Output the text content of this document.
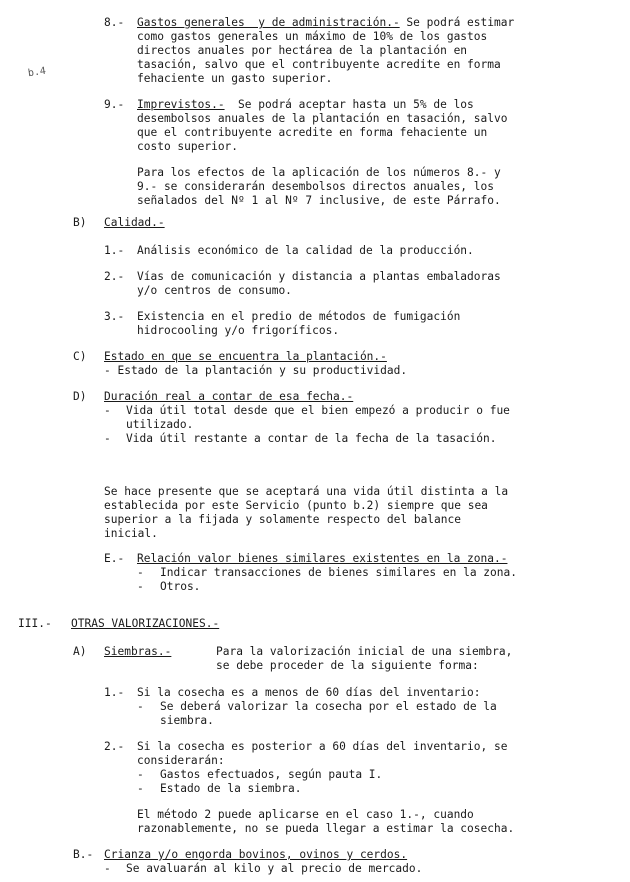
b.4
8.- Gastos generales  y de administración.- Se podrá estimar
como gastos generales un máximo de 10% de los gastos
directos anuales por hectárea de la plantación en
tasación, salvo que el contribuyente acredite en forma
fehaciente un gasto superior.
9.- Imprevistos.-  Se podrá aceptar hasta un 5% de los
desembolsos anuales de la plantación en tasación, salvo
que el contribuyente acredite en forma fehaciente un
costo superior.
Para los efectos de la aplicación de los números 8.- y
9.- se considerarán desembolsos directos anuales, los
señalados del Nº 1 al Nº 7 inclusive, de este Párrafo.
B) Calidad.-
1.- Análisis económico de la calidad de la producción.
2.- Vías de comunicación y distancia a plantas embaladoras
y/o centros de consumo.
3.- Existencia en el predio de métodos de fumigación
hidrocooling y/o frigoríficos.
C) Estado en que se encuentra la plantación.-
- Estado de la plantación y su productividad.
D) Duración real a contar de esa fecha.-
- Vida útil total desde que el bien empezó a producir o fue
utilizado.
- Vida útil restante a contar de la fecha de la tasación.
Se hace presente que se aceptará una vida útil distinta a la
establecida por este Servicio (punto b.2) siempre que sea
superior a la fijada y solamente respecto del balance
inicial.
E.- Relación valor bienes similares existentes en la zona.-
- Indicar transacciones de bienes similares en la zona.
- Otros.
III.- OTRAS VALORIZACIONES.-
A) Siembras.-	Para la valorización inicial de una siembra,
se debe proceder de la siguiente forma:
1.- Si la cosecha es a menos de 60 días del inventario:
- Se deberá valorizar la cosecha por el estado de la
siembra.
2.- Si la cosecha es posterior a 60 días del inventario, se
considerarán:
- Gastos efectuados, según pauta I.
- Estado de la siembra.
El método 2 puede aplicarse en el caso 1.-, cuando
razonablemente, no se pueda llegar a estimar la cosecha.
B.- Crianza y/o engorda bovinos, ovinos y cerdos.
- Se avaluarán al kilo y al precio de mercado.
